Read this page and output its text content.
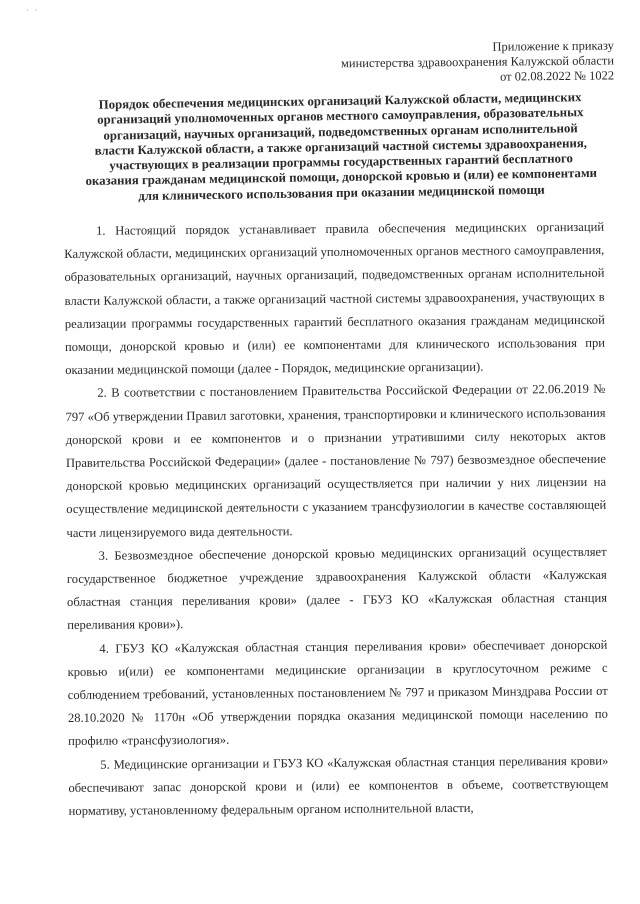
· ·
Приложение к приказу
министерства здравоохранения Калужской области
от 02.08.2022 № 1022
Порядок обеспечения медицинских организаций Калужской области, медицинских организаций уполномоченных органов местного самоуправления, образовательных организаций, научных организаций, подведомственных органам исполнительной власти Калужской области, а также организаций частной системы здравоохранения, участвующих в реализации программы государственных гарантий бесплатного оказания гражданам медицинской помощи, донорской кровью и (или) ее компонентами для клинического использования при оказании медицинской помощи

1. Настоящий порядок устанавливает правила обеспечения медицинских организаций Калужской области, медицинских организаций уполномоченных органов местного самоуправления, образовательных организаций, научных организаций, подведомственных органам исполнительной власти Калужской области, а также организаций частной системы здравоохранения, участвующих в реализации программы государственных гарантий бесплатного оказания гражданам медицинской помощи, донорской кровью и (или) ее компонентами для клинического использования при оказании медицинской помощи (далее - Порядок, медицинские организации).

2. В соответствии с постановлением Правительства Российской Федерации от 22.06.2019 № 797 «Об утверждении Правил заготовки, хранения, транспортировки и клинического использования донорской крови и ее компонентов и о признании утратившими силу некоторых актов Правительства Российской Федерации» (далее - постановление № 797) безвозмездное обеспечение донорской кровью медицинских организаций осуществляется при наличии у них лицензии на осуществление медицинской деятельности с указанием трансфузиологии в качестве составляющей части лицензируемого вида деятельности.

3. Безвозмездное обеспечение донорской кровью медицинских организаций осуществляет государственное бюджетное учреждение здравоохранения Калужской области «Калужская областная станция переливания крови» (далее - ГБУЗ КО «Калужская областная станция переливания крови»).

4. ГБУЗ КО «Калужская областная станция переливания крови» обеспечивает донорской кровью и(или) ее компонентами медицинские организации в круглосуточном режиме с соблюдением требований, установленных постановлением № 797 и приказом Минздрава России от 28.10.2020 № 1170н «Об утверждении порядка оказания медицинской помощи населению по профилю «трансфузиология».

5. Медицинские организации и ГБУЗ КО «Калужская областная станция переливания крови» обеспечивают запас донорской крови и (или) ее компонентов в объеме, соответствующем нормативу, установленному федеральным органом исполнительной власти,
